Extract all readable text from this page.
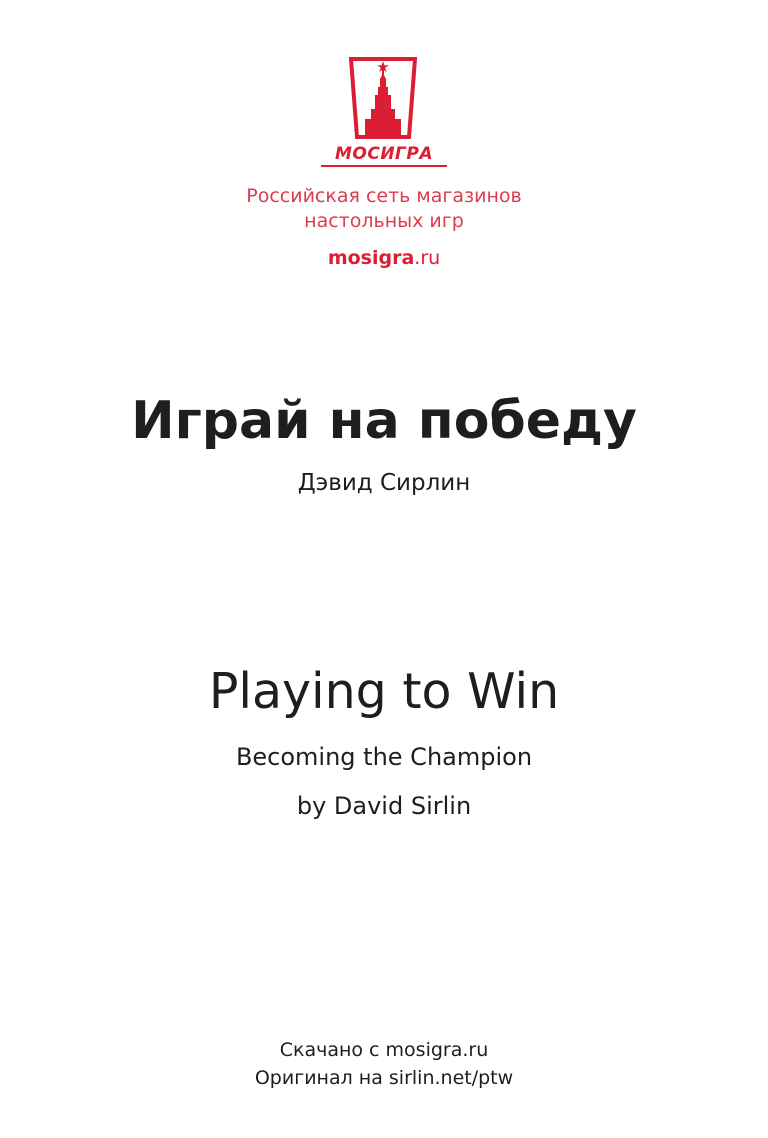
МОСИГРА
Российская сеть магазинов
настольных игр
mosigra.ru
Играй на победу
Дэвид Сирлин
Playing to Win
Becoming the Champion
by David Sirlin
Скачано с mosigra.ru
Оригинал на sirlin.net/ptw
